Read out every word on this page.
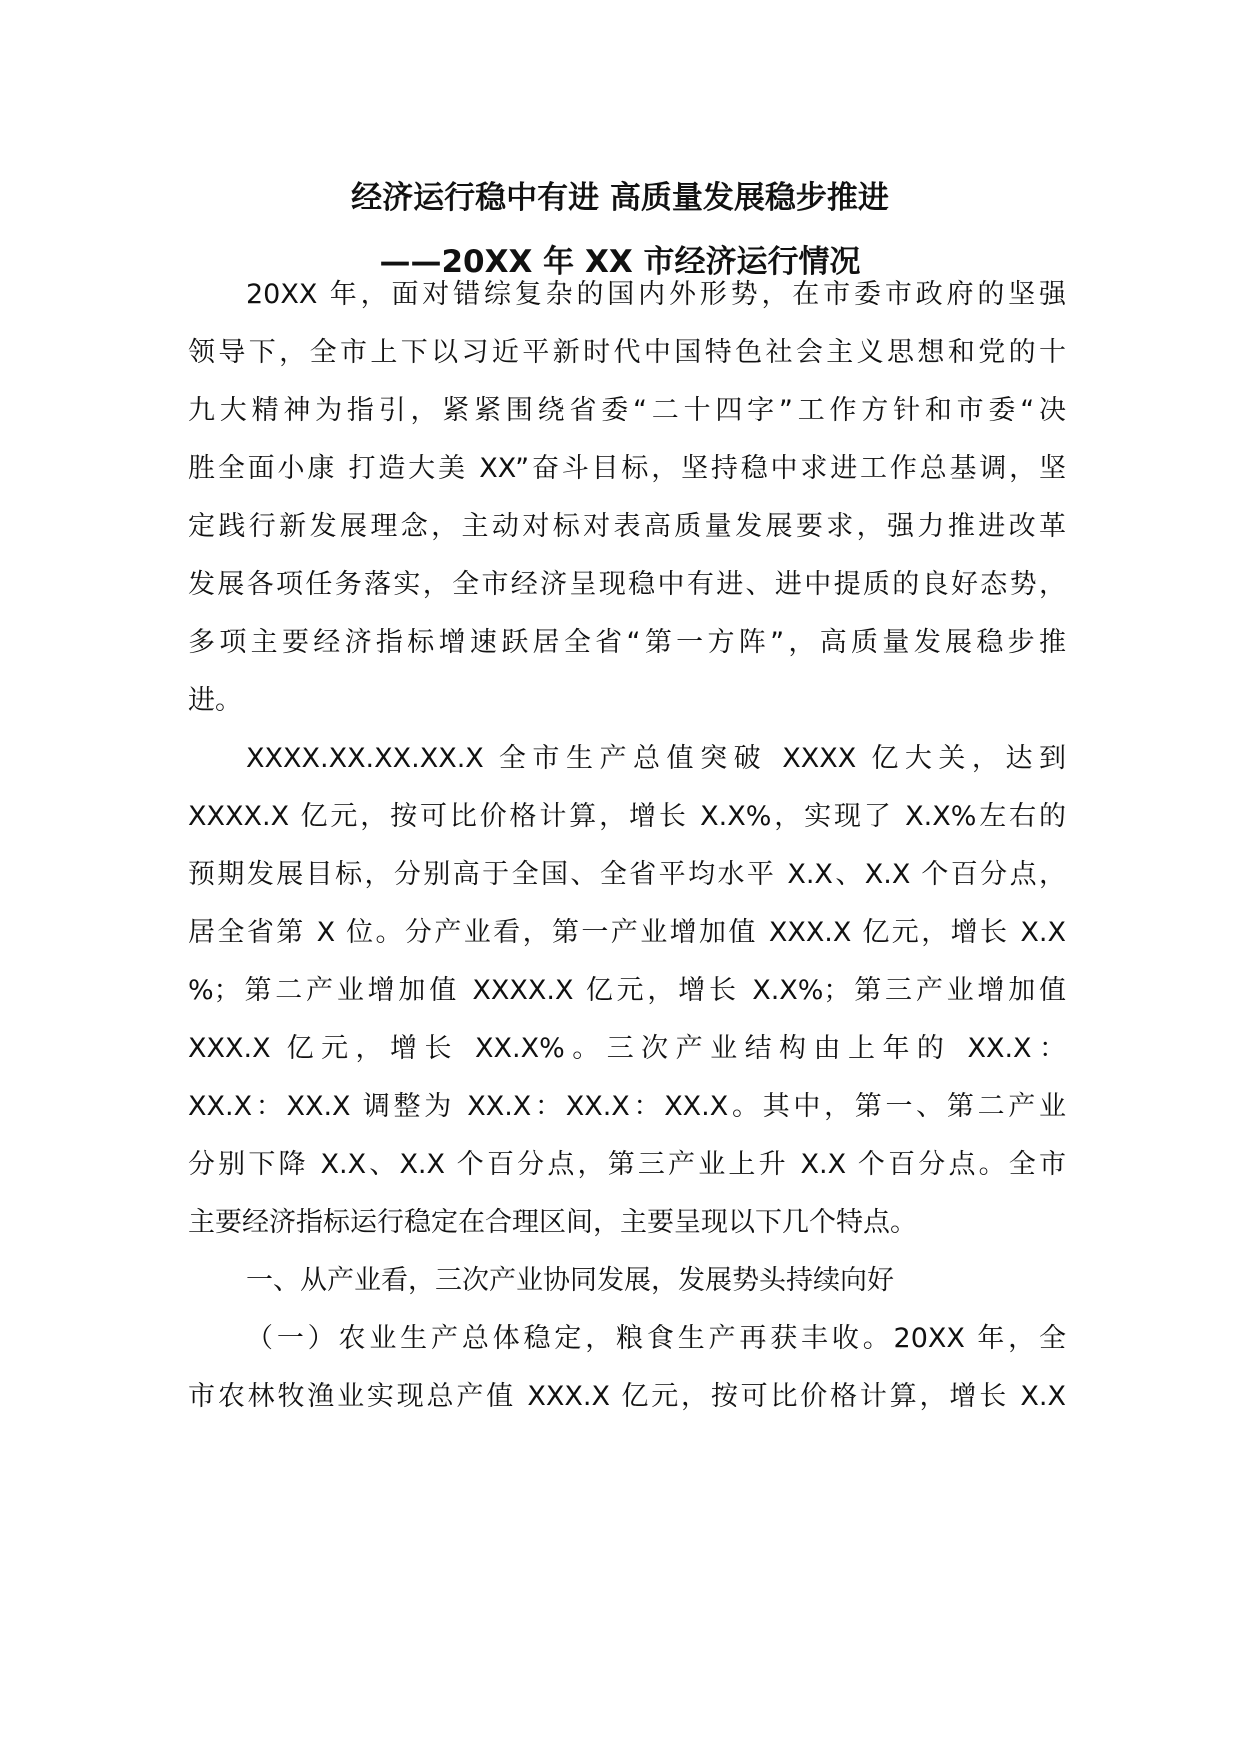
经济运行稳中有进 高质量发展稳步推进
——20XX 年 XX 市经济运行情况
20XX 年，面对错综复杂的国内外形势，在市委市政府的坚强
领导下，全市上下以习近平新时代中国特色社会主义思想和党的十
九大精神为指引，紧紧围绕省委“二十四字”工作方针和市委“决
胜全面小康 打造大美 XX”奋斗目标，坚持稳中求进工作总基调，坚
定践行新发展理念，主动对标对表高质量发展要求，强力推进改革
发展各项任务落实，全市经济呈现稳中有进、进中提质的良好态势，
多项主要经济指标增速跃居全省“第一方阵”，高质量发展稳步推
进。
XXXX.XX.XX.XX.X 全市生产总值突破 XXXX 亿大关，达到
XXXX.X 亿元，按可比价格计算，增长 X.X%，实现了 X.X%左右的
预期发展目标，分别高于全国、全省平均水平 X.X、X.X 个百分点，
居全省第 X 位。分产业看，第一产业增加值 XXX.X 亿元，增长 X.X
%；第二产业增加值 XXXX.X 亿元，增长 X.X%；第三产业增加值
XXX.X 亿元，增长 XX.X%。三次产业结构由上年的 XX.X：
XX.X：XX.X 调整为 XX.X：XX.X：XX.X。其中，第一、第二产业
分别下降 X.X、X.X 个百分点，第三产业上升 X.X 个百分点。全市
主要经济指标运行稳定在合理区间，主要呈现以下几个特点。
一、从产业看，三次产业协同发展，发展势头持续向好
（一）农业生产总体稳定，粮食生产再获丰收。20XX 年，全
市农林牧渔业实现总产值 XXX.X 亿元，按可比价格计算，增长 X.X
